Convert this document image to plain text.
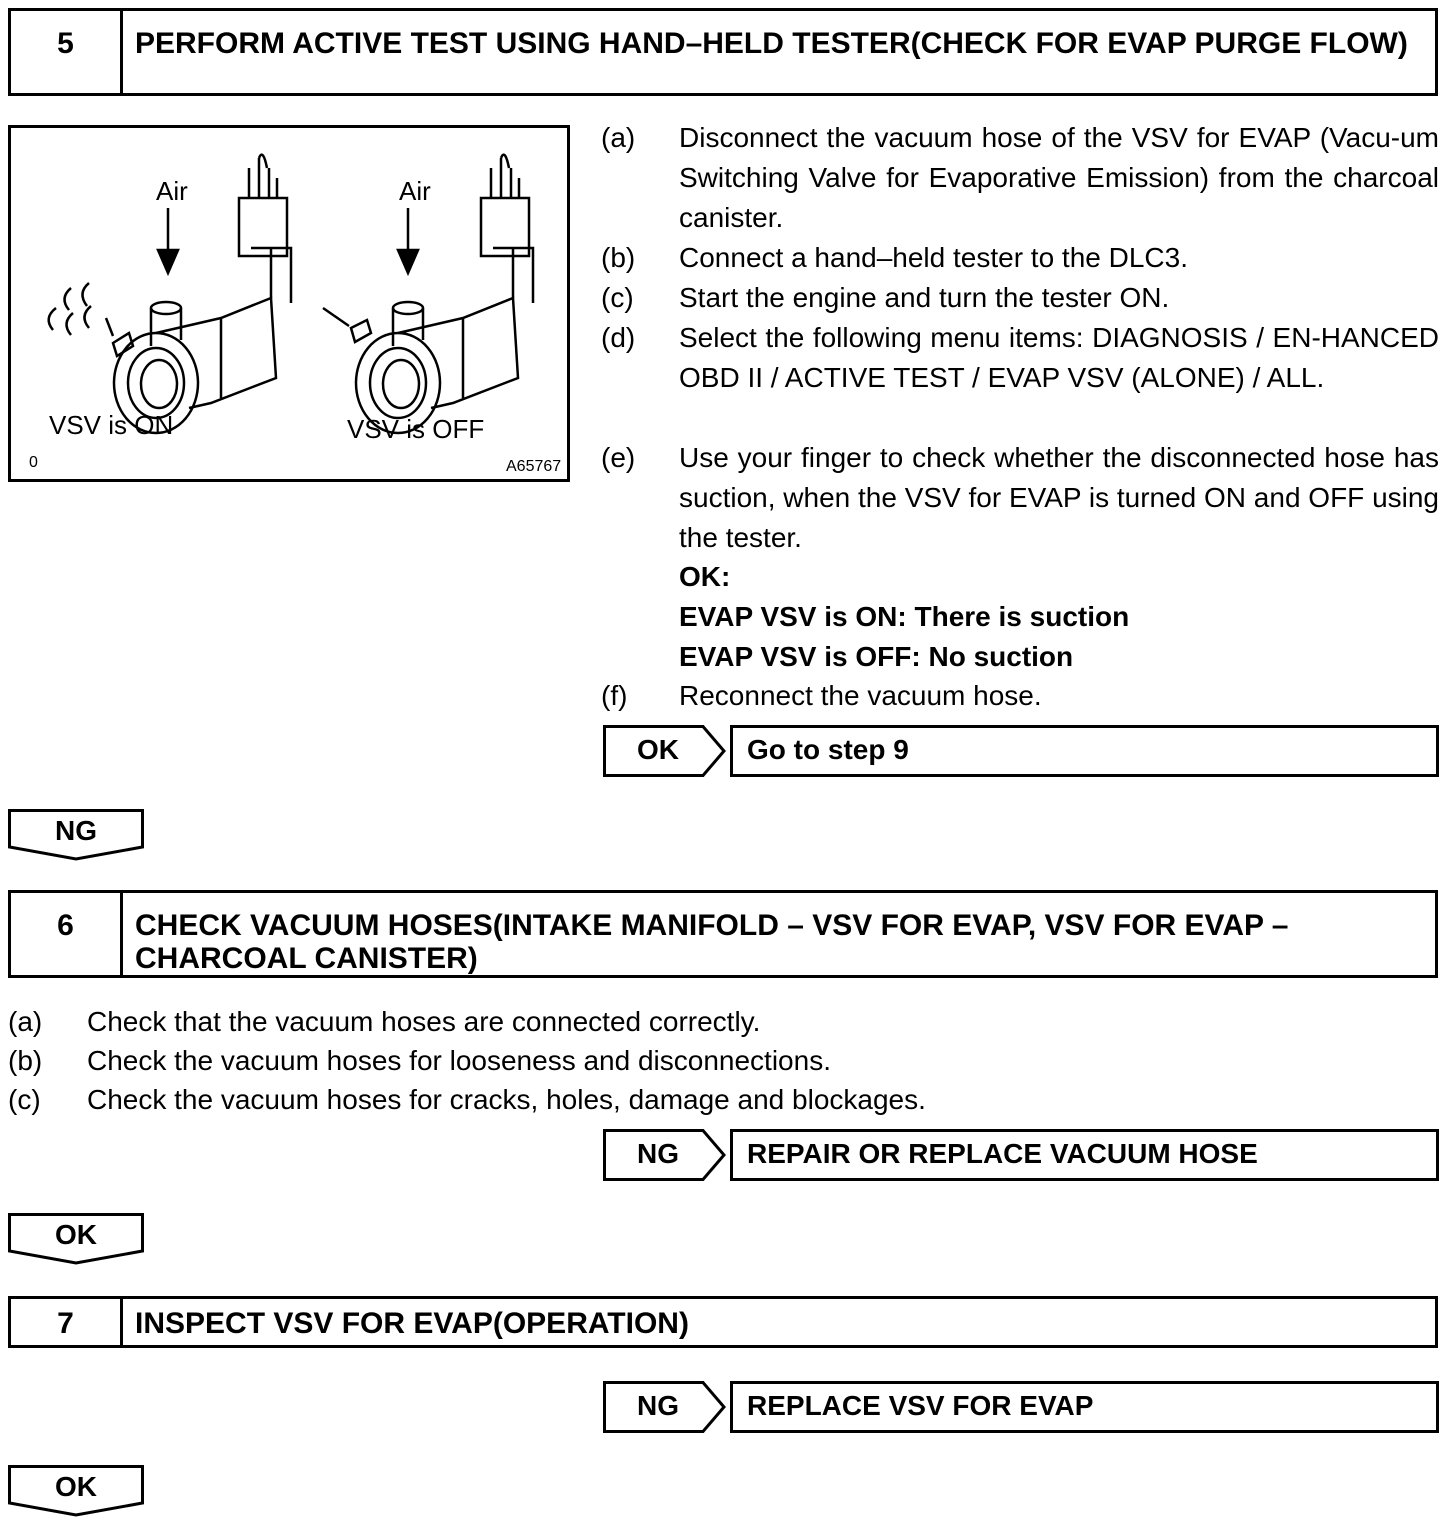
5	PERFORM ACTIVE TEST USING HAND–HELD TESTER(CHECK FOR EVAP PURGE FLOW)
Air	Air
VSV is ON	VSV is OFF
0	A65767
(a) Disconnect the vacuum hose of the VSV for EVAP (Vacu-um Switching Valve for Evaporative Emission) from the charcoal canister.
(b) Connect a hand–held tester to the DLC3.
(c) Start the engine and turn the tester ON.
(d) Select the following menu items: DIAGNOSIS / EN-HANCED OBD II / ACTIVE TEST / EVAP VSV (ALONE) / ALL.
(e) Use your finger to check whether the disconnected hose has suction, when the VSV for EVAP is turned ON and OFF using the tester.
OK:
EVAP VSV is ON: There is suction
EVAP VSV is OFF: No suction
(f) Reconnect the vacuum hose.
OK	Go to step 9
NG
6	CHECK VACUUM HOSES(INTAKE MANIFOLD – VSV FOR EVAP, VSV FOR EVAP – CHARCOAL CANISTER)
(a) Check that the vacuum hoses are connected correctly.
(b) Check the vacuum hoses for looseness and disconnections.
(c) Check the vacuum hoses for cracks, holes, damage and blockages.
NG	REPAIR OR REPLACE VACUUM HOSE
OK
7	INSPECT VSV FOR EVAP(OPERATION)
NG	REPLACE VSV FOR EVAP
OK
